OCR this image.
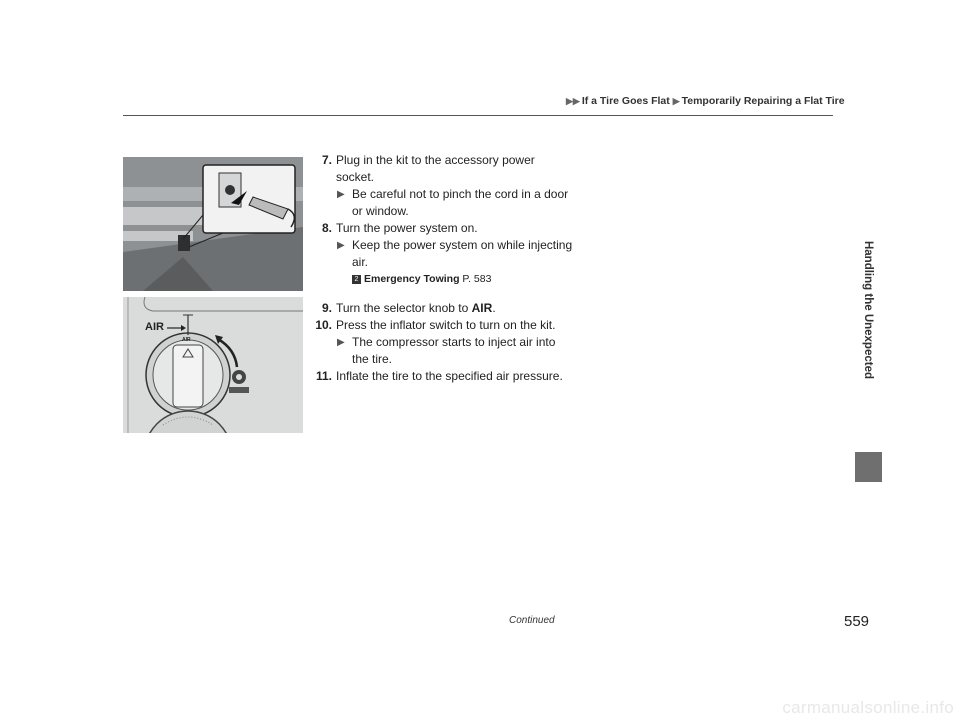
▶▶ If a Tire Goes Flat ▶ Temporarily Repairing a Flat Tire
Handling the Unexpected
AIR
AIR
7. Plug in the kit to the accessory power socket.
▶ Be careful not to pinch the cord in a door or window.
8. Turn the power system on.
▶ Keep the power system on while injecting air.
2 Emergency Towing P. 583
9. Turn the selector knob to AIR.
10. Press the inflator switch to turn on the kit.
▶ The compressor starts to inject air into the tire.
11. Inflate the tire to the specified air pressure.
Continued	559
carmanualsonline.info
